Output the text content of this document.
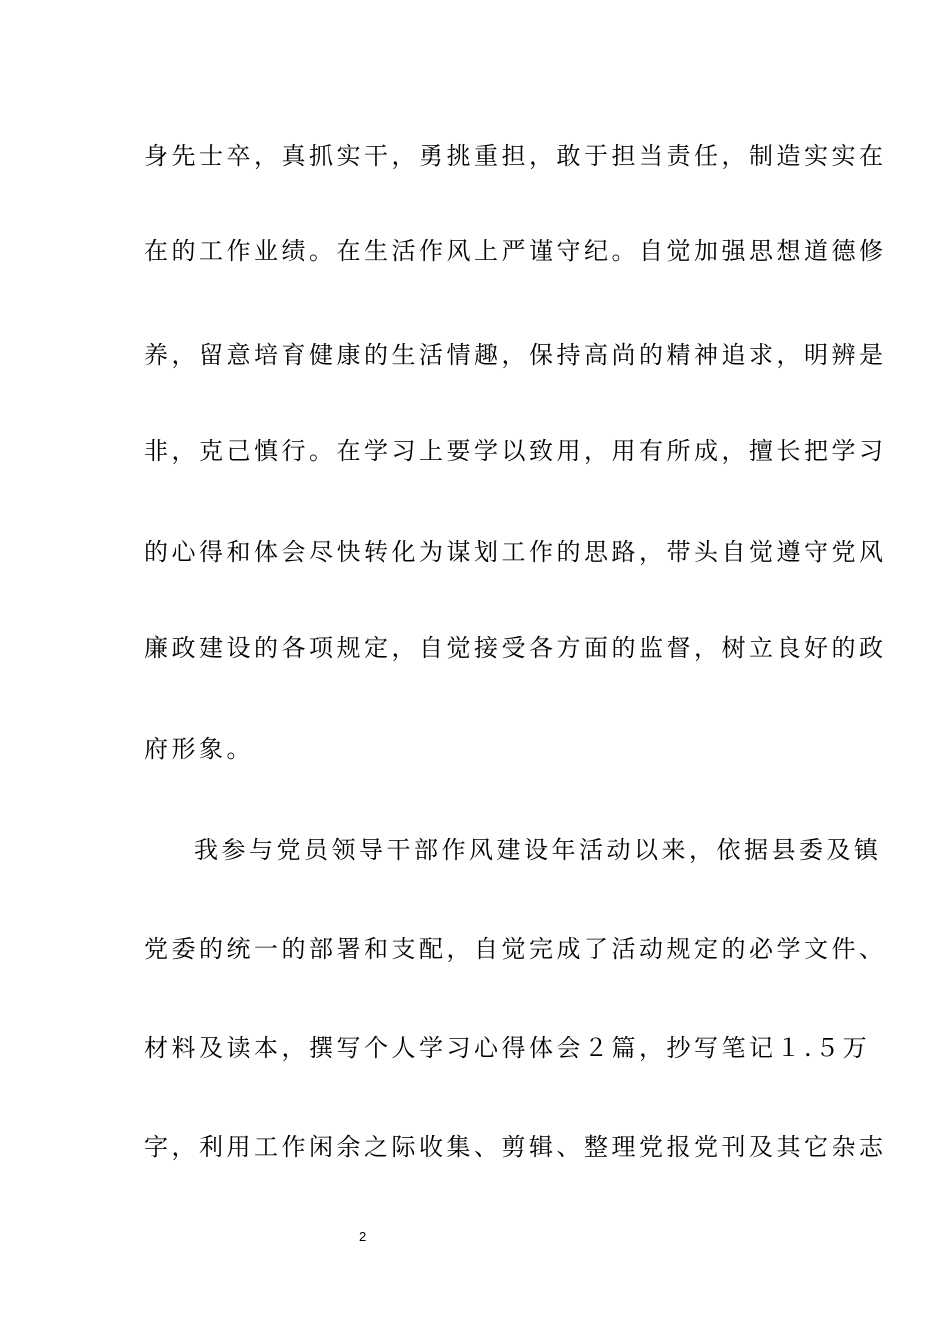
身先士卒，真抓实干，勇挑重担，敢于担当责任，制造实实在
在的工作业绩。在生活作风上严谨守纪。自觉加强思想道德修
养，留意培育健康的生活情趣，保持高尚的精神追求，明辨是
非，克己慎行。在学习上要学以致用，用有所成，擅长把学习
的心得和体会尽快转化为谋划工作的思路，带头自觉遵守党风
廉政建设的各项规定，自觉接受各方面的监督，树立良好的政
府形象。
我参与党员领导干部作风建设年活动以来，依据县委及镇
党委的统一的部署和支配，自觉完成了活动规定的必学文件、
材料及读本，撰写个人学习心得体会２篇，抄写笔记１.５万
字，利用工作闲余之际收集、剪辑、整理党报党刊及其它杂志
2
